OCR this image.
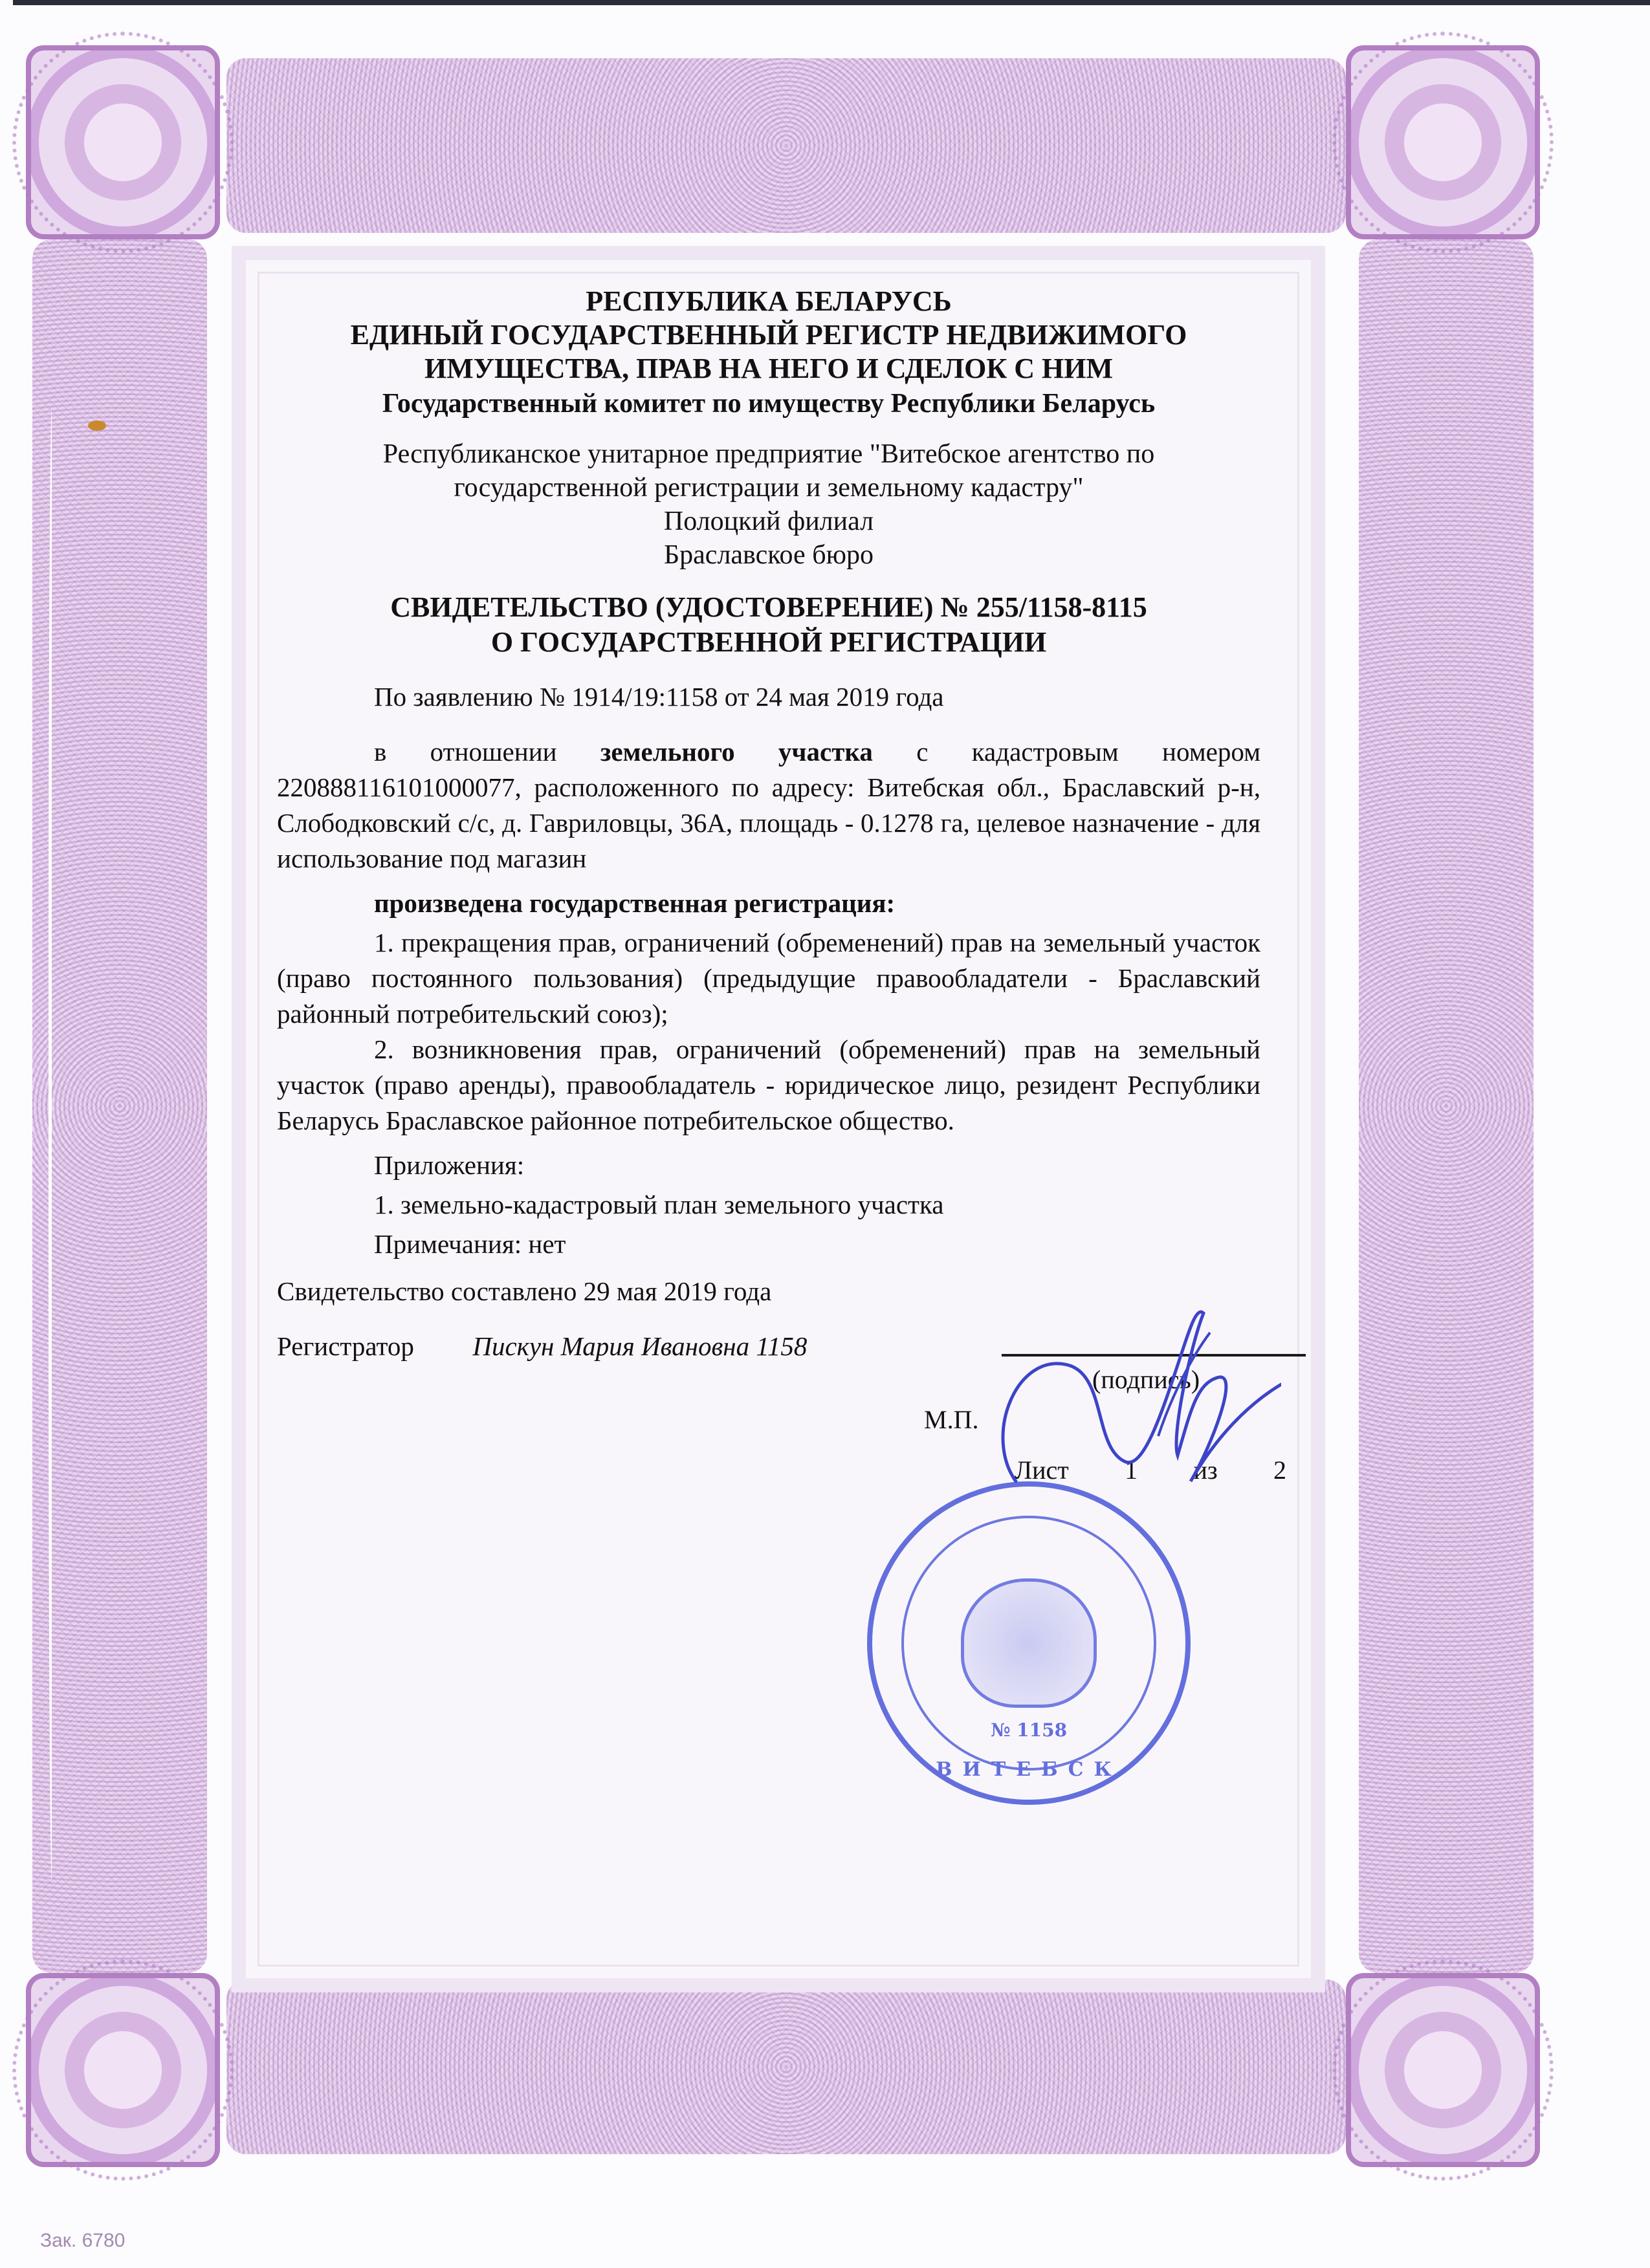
РЕСПУБЛИКА БЕЛАРУСЬ
ЕДИНЫЙ ГОСУДАРСТВЕННЫЙ РЕГИСТР НЕДВИЖИМОГО
ИМУЩЕСТВА, ПРАВ НА НЕГО И СДЕЛОК С НИМ
Государственный комитет по имуществу Республики Беларусь
Республиканское унитарное предприятие "Витебское агентство по
государственной регистрации и земельному кадастру"
Полоцкий филиал
Браславское бюро
СВИДЕТЕЛЬСТВО (УДОСТОВЕРЕНИЕ) № 255/1158-8115
О ГОСУДАРСТВЕННОЙ РЕГИСТРАЦИИ
По заявлению № 1914/19:1158 от 24 мая 2019 года

в отношении земельного участка с кадастровым номером 220888116101000077, расположенного по адресу: Витебская обл., Браславский р-н, Слободковский с/с, д. Гавриловцы, 36А, площадь - 0.1278 га, целевое назначение - для использование под магазин

произведена государственная регистрация:

1. прекращения прав, ограничений (обременений) прав на земельный участок (право постоянного пользования) (предыдущие правообладатели - Браславский районный потребительский союз);

2. возникновения прав, ограничений (обременений) прав на земельный участок (право аренды), правообладатель - юридическое лицо, резидент Республики Беларусь Браславское районное потребительское общество.

Приложения:
1. земельно-кадастровый план земельного участка
Примечания: нет
Свидетельство составлено 29 мая 2019 года
Регистратор Пискун Мария Ивановна 1158
(подпись)
М.П.
Лист 1 из 2
№ 1158
ВИТЕБСК
Зак. 6780
